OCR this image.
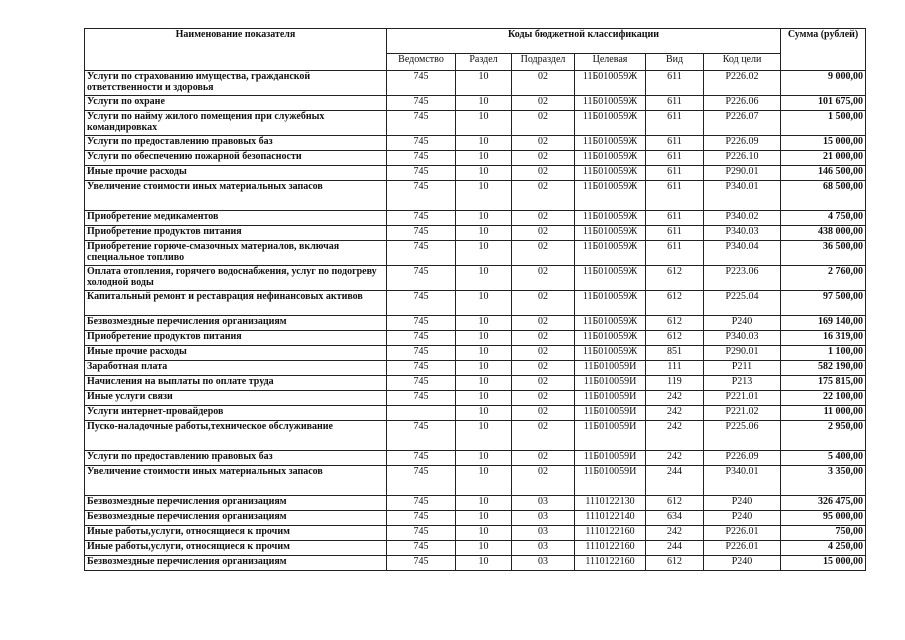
Наименование показателя	Коды бюджетной классификации						Сумма (рублей)
	Ведомство	Раздел	Подраздел	Целевая	Вид	Код цели	
Услуги по страхованию имущества, гражданской ответственности и здоровья	745	10	02	11Б010059Ж	611	Р226.02	9 000,00
Услуги по охране	745	10	02	11Б010059Ж	611	Р226.06	101 675,00
Услуги по найму жилого помещения при служебных командировках	745	10	02	11Б010059Ж	611	Р226.07	1 500,00
Услуги по предоставлению правовых баз	745	10	02	11Б010059Ж	611	Р226.09	15 000,00
Услуги по обеспечению пожарной безопасности	745	10	02	11Б010059Ж	611	Р226.10	21 000,00
Иные прочие расходы	745	10	02	11Б010059Ж	611	Р290.01	146 500,00
Увеличение стоимости иных материальных запасов	745	10	02	11Б010059Ж	611	Р340.01	68 500,00
Приобретение медикаментов	745	10	02	11Б010059Ж	611	Р340.02	4 750,00
Приобретение продуктов питания	745	10	02	11Б010059Ж	611	Р340.03	438 000,00
Приобретение горюче-смазочных материалов, включая специальное топливо	745	10	02	11Б010059Ж	611	Р340.04	36 500,00
Оплата отопления, горячего водоснабжения, услуг по подогреву холодной воды	745	10	02	11Б010059Ж	612	Р223.06	2 760,00
Капитальный ремонт и реставрация нефинансовых активов	745	10	02	11Б010059Ж	612	Р225.04	97 500,00
Безвозмездные перечисления организациям	745	10	02	11Б010059Ж	612	Р240	169 140,00
Приобретение продуктов питания	745	10	02	11Б010059Ж	612	Р340.03	16 319,00
Иные прочие расходы	745	10	02	11Б010059Ж	851	Р290.01	1 100,00
Заработная плата	745	10	02	11Б010059И	111	Р211	582 190,00
Начисления на выплаты по оплате труда	745	10	02	11Б010059И	119	Р213	175 815,00
Иные услуги связи	745	10	02	11Б010059И	242	Р221.01	22 100,00
Услуги интернет-провайдеров		10	02	11Б010059И	242	Р221.02	11 000,00
Пуско-наладочные работы,техническое обслуживание	745	10	02	11Б010059И	242	Р225.06	2 950,00
Услуги по предоставлению правовых баз	745	10	02	11Б010059И	242	Р226.09	5 400,00
Увеличение стоимости иных материальных запасов	745	10	02	11Б010059И	244	Р340.01	3 350,00
Безвозмездные перечисления организациям	745	10	03	1110122130	612	Р240	326 475,00
Безвозмездные перечисления организациям	745	10	03	1110122140	634	Р240	95 000,00
Иные работы,услуги, относящиеся к прочим	745	10	03	1110122160	242	Р226.01	750,00
Иные работы,услуги, относящиеся к прочим	745	10	03	1110122160	244	Р226.01	4 250,00
Безвозмездные перечисления организациям	745	10	03	1110122160	612	Р240	15 000,00
